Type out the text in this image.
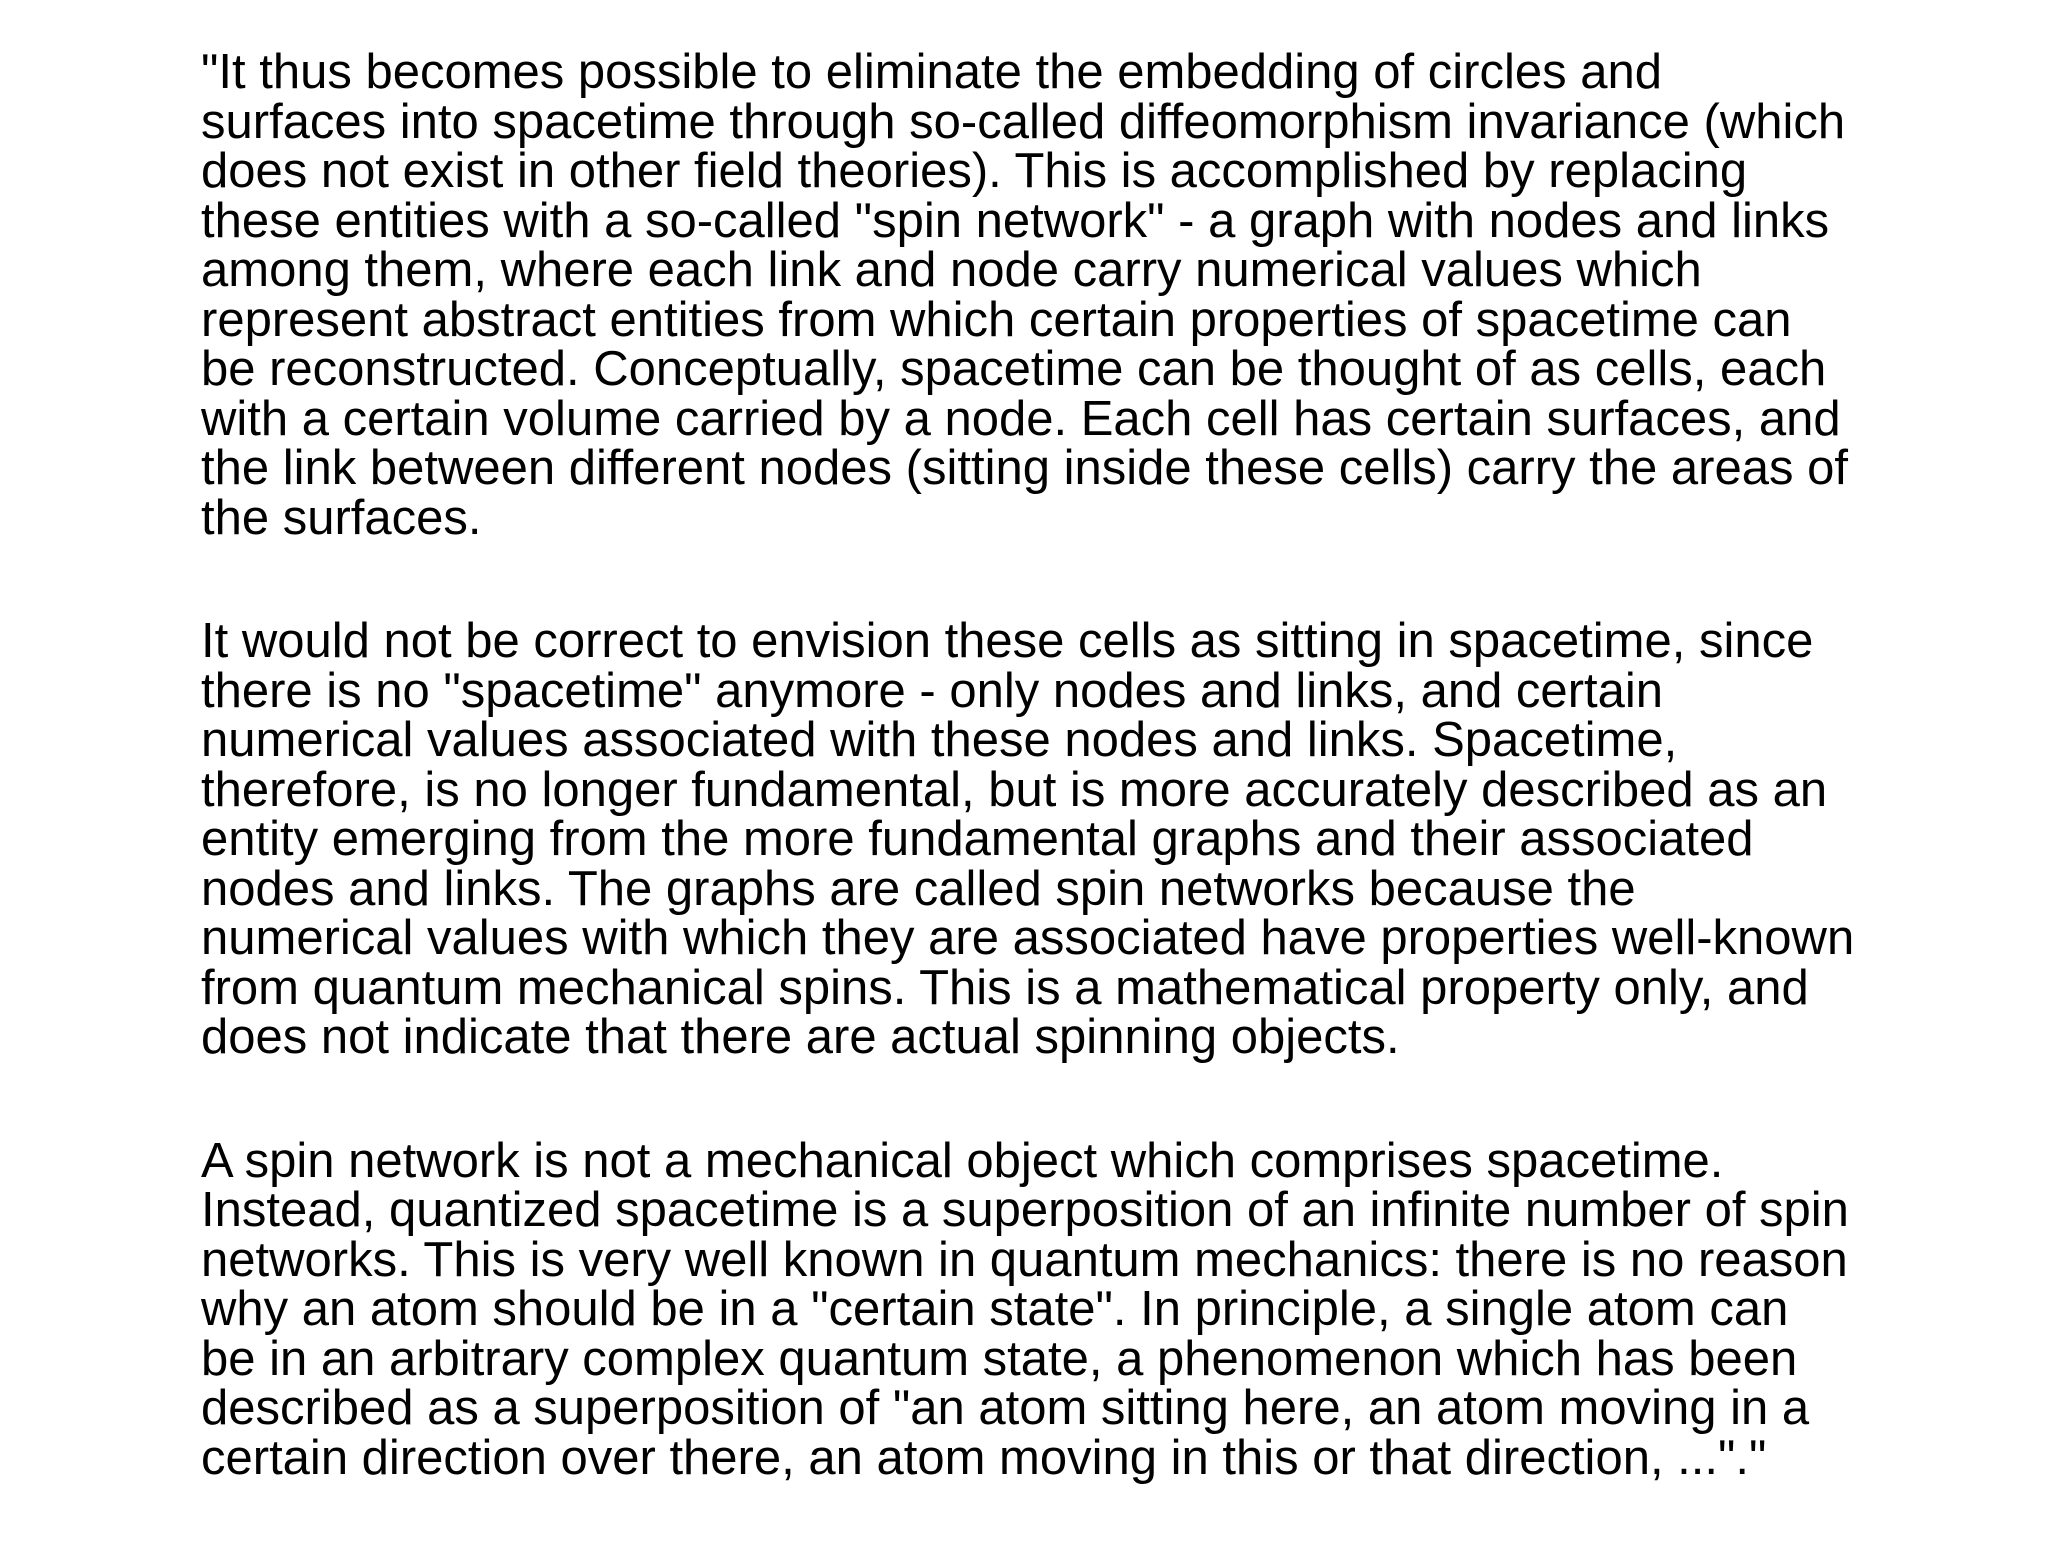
"It thus becomes possible to eliminate the embedding of circles and
surfaces into spacetime through so-called diffeomorphism invariance (which
does not exist in other field theories). This is accomplished by replacing
these entities with a so-called "spin network" - a graph with nodes and links
among them, where each link and node carry numerical values which
represent abstract entities from which certain properties of spacetime can
be reconstructed. Conceptually, spacetime can be thought of as cells, each
with a certain volume carried by a node. Each cell has certain surfaces, and
the link between different nodes (sitting inside these cells) carry the areas of
the surfaces.

It would not be correct to envision these cells as sitting in spacetime, since
there is no "spacetime" anymore - only nodes and links, and certain
numerical values associated with these nodes and links. Spacetime,
therefore, is no longer fundamental, but is more accurately described as an
entity emerging from the more fundamental graphs and their associated
nodes and links. The graphs are called spin networks because the
numerical values with which they are associated have properties well-known
from quantum mechanical spins. This is a mathematical property only, and
does not indicate that there are actual spinning objects.

A spin network is not a mechanical object which comprises spacetime.
Instead, quantized spacetime is a superposition of an infinite number of spin
networks. This is very well known in quantum mechanics: there is no reason
why an atom should be in a "certain state". In principle, a single atom can
be in an arbitrary complex quantum state, a phenomenon which has been
described as a superposition of "an atom sitting here, an atom moving in a
certain direction over there, an atom moving in this or that direction, ..."."
